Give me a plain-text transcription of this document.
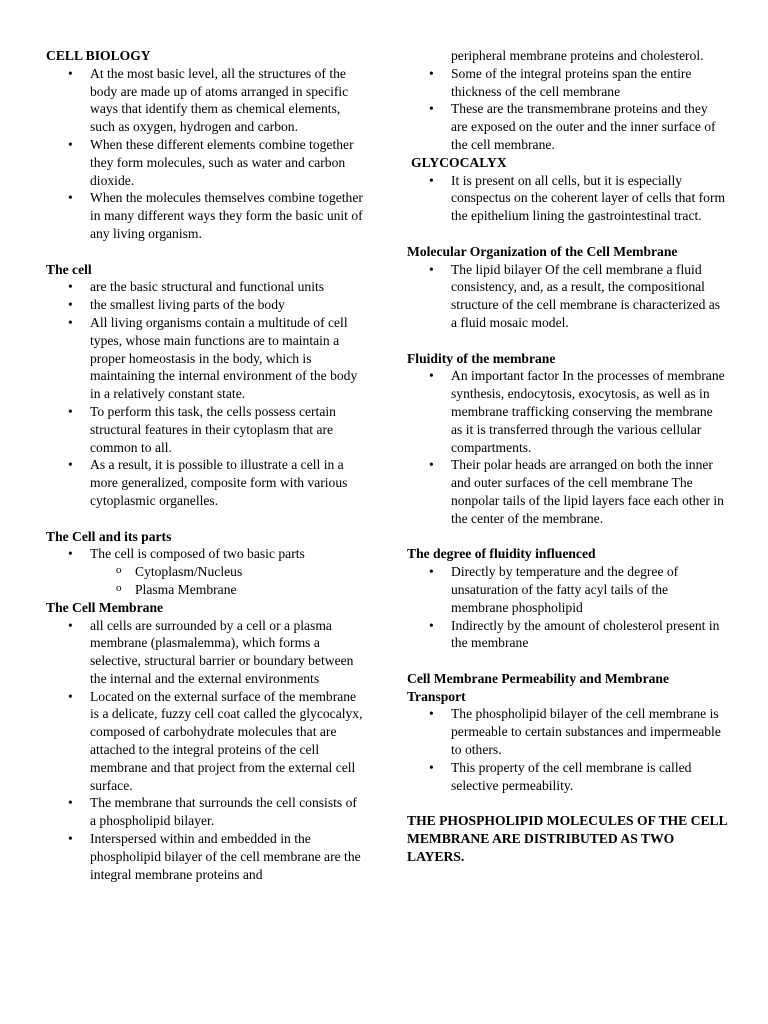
CELL BIOLOGY
• At the most basic level, all the structures of the body are made up of atoms arranged in specific ways that identify them as chemical elements, such as oxygen, hydrogen and carbon.
• When these different elements combine together they form molecules, such as water and carbon dioxide.
• When the molecules themselves combine together in many different ways they form the basic unit of any living organism.
The cell
• are the basic structural and functional units
• the smallest living parts of the body
• All living organisms contain a multitude of cell types, whose main functions are to maintain a proper homeostasis in the body, which is maintaining the internal environment of the body in a relatively constant state.
• To perform this task, the cells possess certain structural features in their cytoplasm that are common to all.
• As a result, it is possible to illustrate a cell in a more generalized, composite form with various cytoplasmic organelles.
The Cell and its parts
• The cell is composed of two basic parts
o Cytoplasm/Nucleus
o Plasma Membrane
The Cell Membrane
• all cells are surrounded by a cell or a plasma membrane (plasmalemma), which forms a selective, structural barrier or boundary between the internal and the external environments
• Located on the external surface of the membrane is a delicate, fuzzy cell coat called the glycocalyx, composed of carbohydrate molecules that are attached to the integral proteins of the cell membrane and that project from the external cell surface.
• The membrane that surrounds the cell consists of a phospholipid bilayer.
• Interspersed within and embedded in the phospholipid bilayer of the cell membrane are the integral membrane proteins and
peripheral membrane proteins and cholesterol.
• Some of the integral proteins span the entire thickness of the cell membrane
• These are the transmembrane proteins and they are exposed on the outer and the inner surface of the cell membrane.
GLYCOCALYX
• It is present on all cells, but it is especially conspectus on the coherent layer of cells that form the epithelium lining the gastrointestinal tract.
Molecular Organization of the Cell Membrane
• The lipid bilayer Of the cell membrane a fluid consistency, and, as a result, the compositional structure of the cell membrane is characterized as a fluid mosaic model.
Fluidity of the membrane
• An important factor In the processes of membrane synthesis, endocytosis, exocytosis, as well as in membrane trafficking conserving the membrane as it is transferred through the various cellular compartments.
• Their polar heads are arranged on both the inner and outer surfaces of the cell membrane The nonpolar tails of the lipid layers face each other in the center of the membrane.
The degree of fluidity influenced
• Directly by temperature and the degree of unsaturation of the fatty acyl tails of the membrane phospholipid
• Indirectly by the amount of cholesterol present in the membrane
Cell Membrane Permeability and Membrane Transport
• The phospholipid bilayer of the cell membrane is permeable to certain substances and impermeable to others.
• This property of the cell membrane is called selective permeability.

THE PHOSPHOLIPID MOLECULES OF THE CELL MEMBRANE ARE DISTRIBUTED AS TWO LAYERS.
